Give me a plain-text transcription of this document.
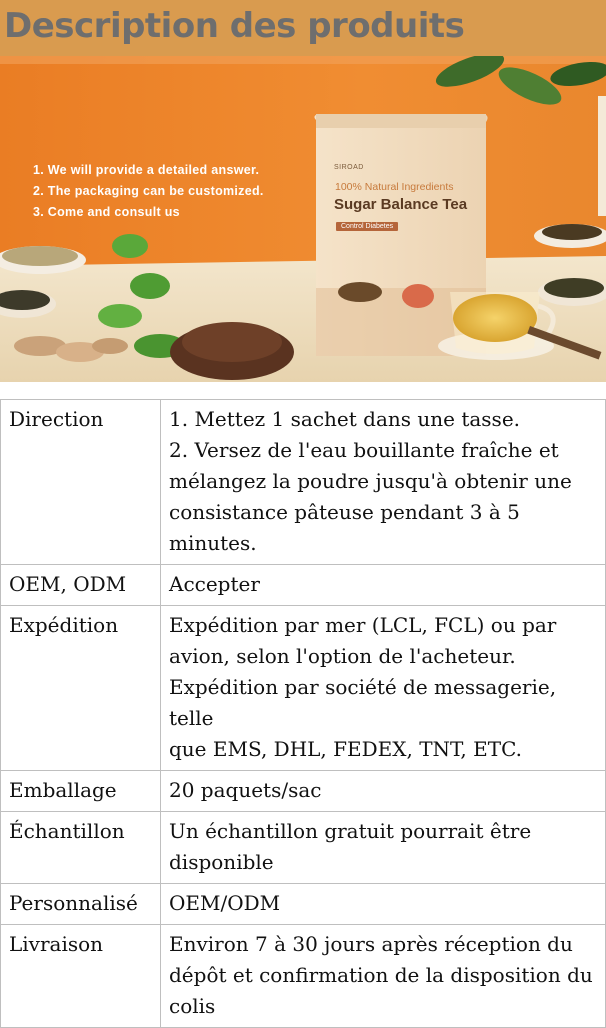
Description des produits
1. We will provide a detailed answer.
2. The packaging can be customized.
3. Come and consult us
SIROAD
100% Natural Ingredients
Sugar Balance Tea
Control Diabetes
Direction	1. Mettez 1 sachet dans une tasse.
2. Versez de l'eau bouillante fraîche et
mélangez la poudre jusqu'à obtenir une
consistance pâteuse pendant 3 à 5 minutes.

OEM, ODM	Accepter

Expédition	Expédition par mer (LCL, FCL) ou par
avion, selon l'option de l'acheteur.
Expédition par société de messagerie, telle
que EMS, DHL, FEDEX, TNT, ETC.

Emballage	20 paquets/sac

Échantillon	Un échantillon gratuit pourrait être
disponible

Personnalisé	OEM/ODM

Livraison	Environ 7 à 30 jours après réception du
dépôt et confirmation de la disposition du
colis
